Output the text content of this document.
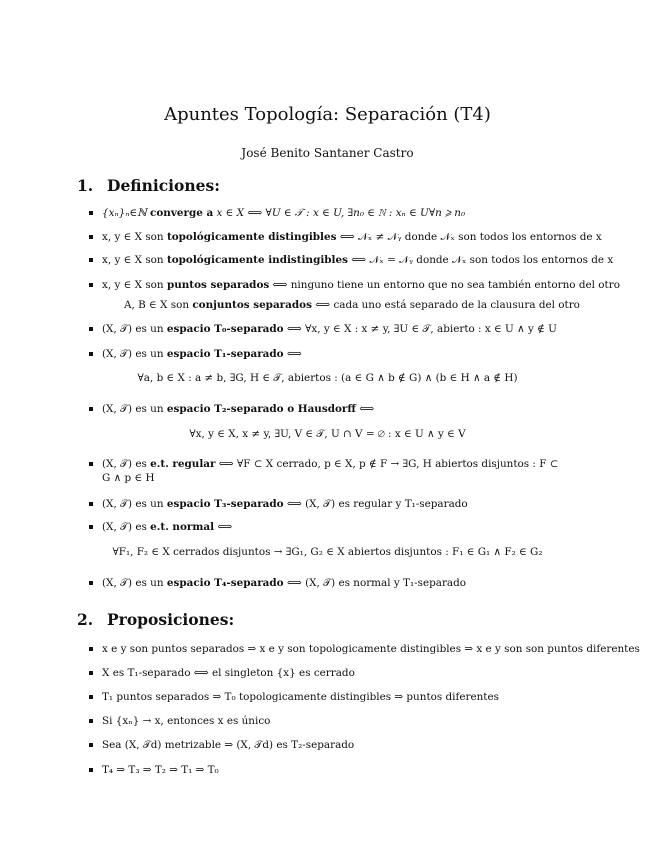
Apuntes Topología: Separación (T4)
José Benito Santaner Castro
1. Definiciones:
{xₙ}ₙ∈ℕ converge a x ∈ X ⟺ ∀U ∈ 𝒯 : x ∈ U, ∃n₀ ∈ ℕ : xₙ ∈ U∀n ⩾ n₀
x, y ∈ X son topológicamente distingibles ⟺ 𝒩ₓ ≠ 𝒩ᵧ donde 𝒩ₓ son todos los entornos de x
x, y ∈ X son topológicamente indistingibles ⟺ 𝒩ₓ = 𝒩ᵧ donde 𝒩ₓ son todos los entornos de x
x, y ∈ X son puntos separados ⟺ ninguno tiene un entorno que no sea también entorno del otro
A, B ∈ X son conjuntos separados ⟺ cada uno está separado de la clausura del otro
(X, 𝒯) es un espacio T₀-separado ⟺ ∀x, y ∈ X : x ≠ y, ∃U ∈ 𝒯, abierto : x ∈ U ∧ y ∉ U
(X, 𝒯) es un espacio T₁-separado ⟺
∀a, b ∈ X : a ≠ b, ∃G, H ∈ 𝒯, abiertos : (a ∈ G ∧ b ∉ G) ∧ (b ∈ H ∧ a ∉ H)
(X, 𝒯) es un espacio T₂-separado o Hausdorff ⟺
∀x, y ∈ X, x ≠ y, ∃U, V ∈ 𝒯, U ∩ V = ∅ : x ∈ U ∧ y ∈ V
(X, 𝒯) es e.t. regular ⟺ ∀F ⊂ X cerrado, p ∈ X, p ∉ F → ∃G, H abiertos disjuntos : F ⊂ G ∧ p ∈ H
(X, 𝒯) es un espacio T₃-separado ⟺ (X, 𝒯) es regular y T₁-separado
(X, 𝒯) es e.t. normal ⟺
∀F₁, F₂ ∈ X cerrados disjuntos → ∃G₁, G₂ ∈ X abiertos disjuntos : F₁ ∈ G₁ ∧ F₂ ∈ G₂
(X, 𝒯) es un espacio T₄-separado ⟺ (X, 𝒯) es normal y T₁-separado
2. Proposiciones:
x e y son puntos separados ⇒ x e y son topologicamente distingibles ⇒ x e y son son puntos diferentes
X es T₁-separado ⟺ el singleton {x} es cerrado
T₁ puntos separados ⇒ T₀ topologicamente distingibles ⇒ puntos diferentes
Si {xₙ} → x, entonces x es único
Sea (X, 𝒯d) metrizable ⇒ (X, 𝒯d) es T₂-separado
T₄ ⇒ T₃ ⇒ T₂ ⇒ T₁ ⇒ T₀
